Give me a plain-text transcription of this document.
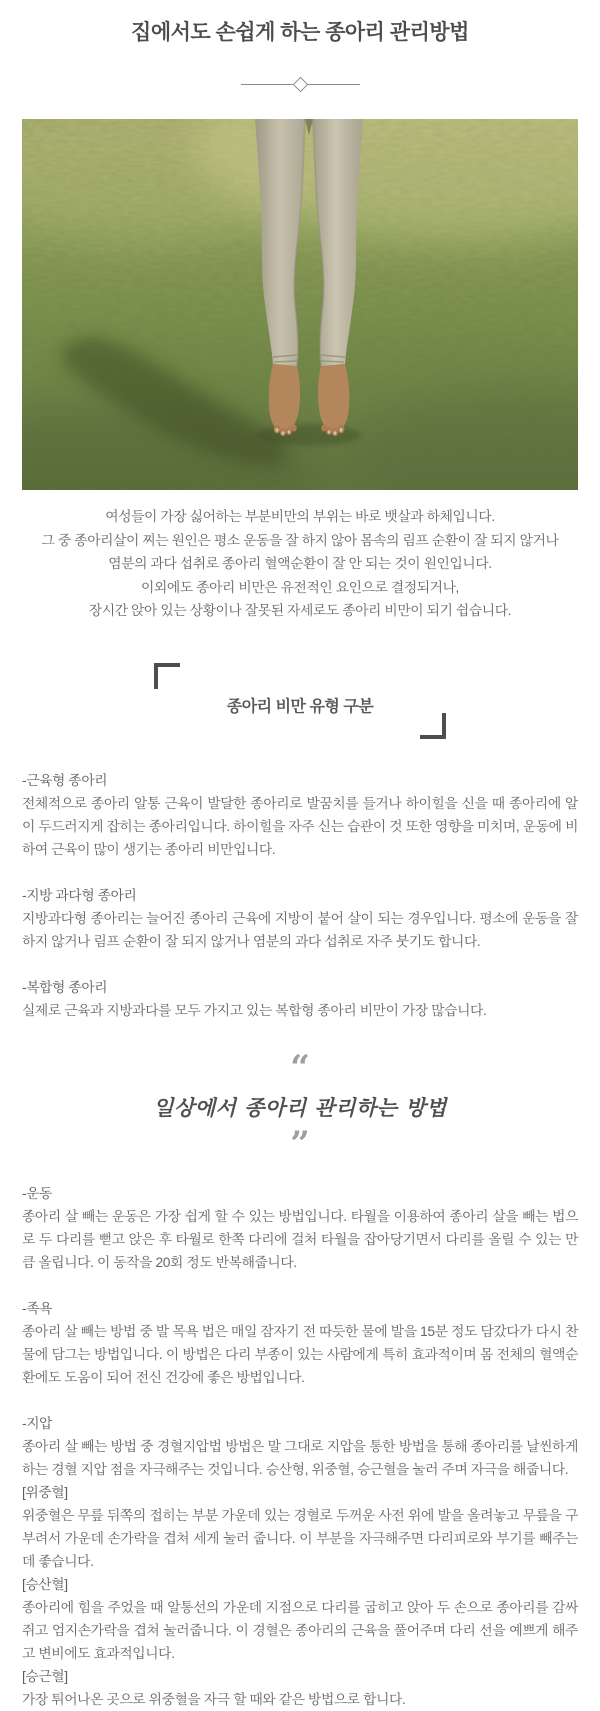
집에서도 손쉽게 하는 종아리 관리방법
여성들이 가장 싫어하는 부분비만의 부위는 바로 뱃살과 하체입니다.
그 중 종아리살이 찌는 원인은 평소 운동을 잘 하지 않아 몸속의 림프 순환이 잘 되지 않거나
염분의 과다 섭취로 종아리 혈액순환이 잘 안 되는 것이 원인입니다.
이외에도 종아리 비만은 유전적인 요인으로 결정되거나,
장시간 앉아 있는 상황이나 잘못된 자세로도 종아리 비만이 되기 쉽습니다.
종아리 비만 유형 구분
-근육형 종아리
전체적으로 종아리 알통 근육이 발달한 종아리로 발꿈치를 들거나 하이힐을 신을 때 종아리에 알이 두드러지게 잡히는 종아리입니다. 하이힐을 자주 신는 습관이 것 또한 영향을 미치며, 운동에 비하여 근육이 많이 생기는 종아리 비만입니다.
-지방 과다형 종아리
지방과다형 종아리는 늘어진 종아리 근육에 지방이 붙어 살이 되는 경우입니다. 평소에 운동을 잘 하지 않거나 림프 순환이 잘 되지 않거나 염분의 과다 섭취로 자주 붓기도 합니다.
-복합형 종아리
실제로 근육과 지방과다를 모두 가지고 있는 복합형 종아리 비만이 가장 많습니다.
“
일상에서 종아리 관리하는 방법
”
-운동
종아리 살 빼는 운동은 가장 쉽게 할 수 있는 방법입니다. 타월을 이용하여 종아리 살을 빼는 법으로 두 다리를 뻗고 앉은 후 타월로 한쪽 다리에 걸처 타월을 잡아당기면서 다리를 올릴 수 있는 만큼 올립니다. 이 동작을 20회 정도 반복해줍니다.
-족욕
종아리 살 빼는 방법 중 발 목욕 법은 매일 잠자기 전 따듯한 물에 발을 15분 정도 담갔다가 다시 찬물에 담그는 방법입니다. 이 방법은 다리 부종이 있는 사람에게 특히 효과적이며 몸 전체의 혈액순환에도 도움이 되어 전신 건강에 좋은 방법입니다.
-지압
종아리 살 빼는 방법 중 경혈지압법 방법은 말 그대로 지압을 통한 방법을 통해 종아리를 날씬하게 하는 경혈 지압 점을 자극해주는 것입니다. 승산형, 위중혈, 승근혈을 눌러 주며 자극을 해줍니다.
[위중혈]
위중혈은 무릎 뒤쪽의 접히는 부분 가운데 있는 경혈로 두꺼운 사전 위에 발을 올려놓고 무릎을 구부려서 가운데 손가락을 겹쳐 세게 눌러 줍니다. 이 부분을 자극해주면 다리피로와 부기를 빼주는데 좋습니다.
[승산혈]
종아리에 힘을 주었을 때 알통선의 가운데 지점으로 다리를 굽히고 앉아 두 손으로 종아리를 감싸 쥐고 엄지손가락을 겹쳐 눌러줍니다. 이 경혈은 종아리의 근육을 풀어주며 다리 선을 예쁘게 해주고 변비에도 효과적입니다.
[승근혈]
가장 튀어나온 곳으로 위중혈을 자극 할 때와 같은 방법으로 합니다.
